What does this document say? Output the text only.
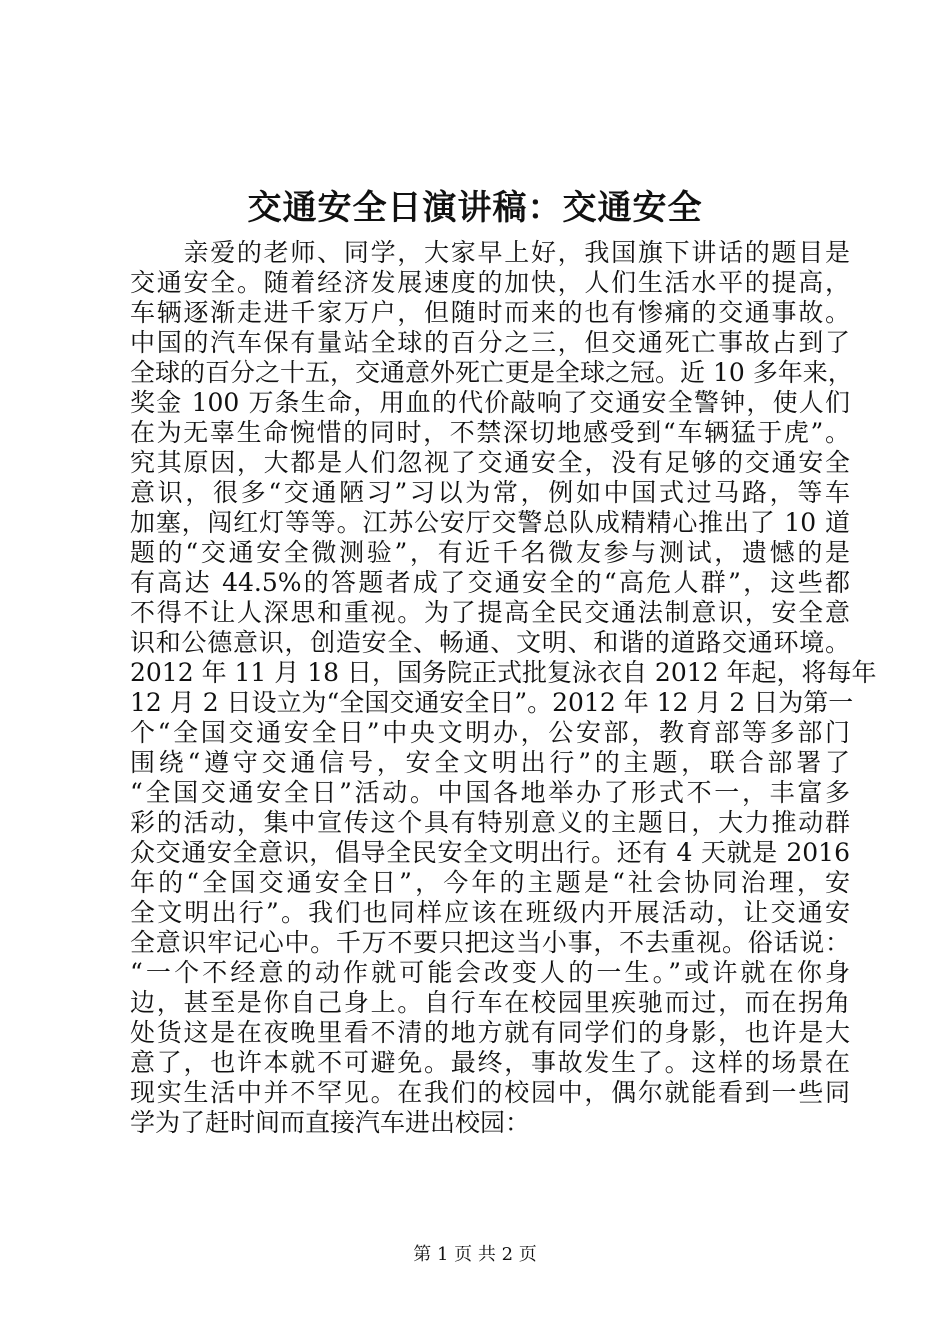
交通安全日演讲稿：交通安全
　　亲爱的老师、同学，大家早上好，我国旗下讲话的题目是
交通安全。随着经济发展速度的加快，人们生活水平的提高，
车辆逐渐走进千家万户，但随时而来的也有惨痛的交通事故。
中国的汽车保有量站全球的百分之三，但交通死亡事故占到了
全球的百分之十五，交通意外死亡更是全球之冠。近 10 多年来，
奖金 100 万条生命，用血的代价敲响了交通安全警钟，使人们
在为无辜生命惋惜的同时，不禁深切地感受到“车辆猛于虎”。
究其原因，大都是人们忽视了交通安全，没有足够的交通安全
意识，很多“交通陋习”习以为常，例如中国式过马路，等车
加塞，闯红灯等等。江苏公安厅交警总队成精精心推出了 10 道
题的“交通安全微测验”，有近千名微友参与测试，遗憾的是
有高达 44.5%的答题者成了交通安全的“高危人群”，这些都
不得不让人深思和重视。为了提高全民交通法制意识，安全意
识和公德意识，创造安全、畅通、文明、和谐的道路交通环境。
2012 年 11 月 18 日，国务院正式批复泳衣自 2012 年起，将每年
12 月 2 日设立为“全国交通安全日”。2012 年 12 月 2 日为第一
个“全国交通安全日”中央文明办，公安部，教育部等多部门
围绕“遵守交通信号，安全文明出行”的主题，联合部署了
“全国交通安全日”活动。中国各地举办了形式不一，丰富多
彩的活动，集中宣传这个具有特别意义的主题日，大力推动群
众交通安全意识，倡导全民安全文明出行。还有 4 天就是 2016
年的“全国交通安全日”，今年的主题是“社会协同治理，安
全文明出行”。我们也同样应该在班级内开展活动，让交通安
全意识牢记心中。千万不要只把这当小事，不去重视。俗话说：
“一个不经意的动作就可能会改变人的一生。”或许就在你身
边，甚至是你自己身上。自行车在校园里疾驰而过，而在拐角
处货这是在夜晚里看不清的地方就有同学们的身影，也许是大
意了，也许本就不可避免。最终，事故发生了。这样的场景在
现实生活中并不罕见。在我们的校园中，偶尔就能看到一些同
学为了赶时间而直接汽车进出校园：
第 1 页 共 2 页
